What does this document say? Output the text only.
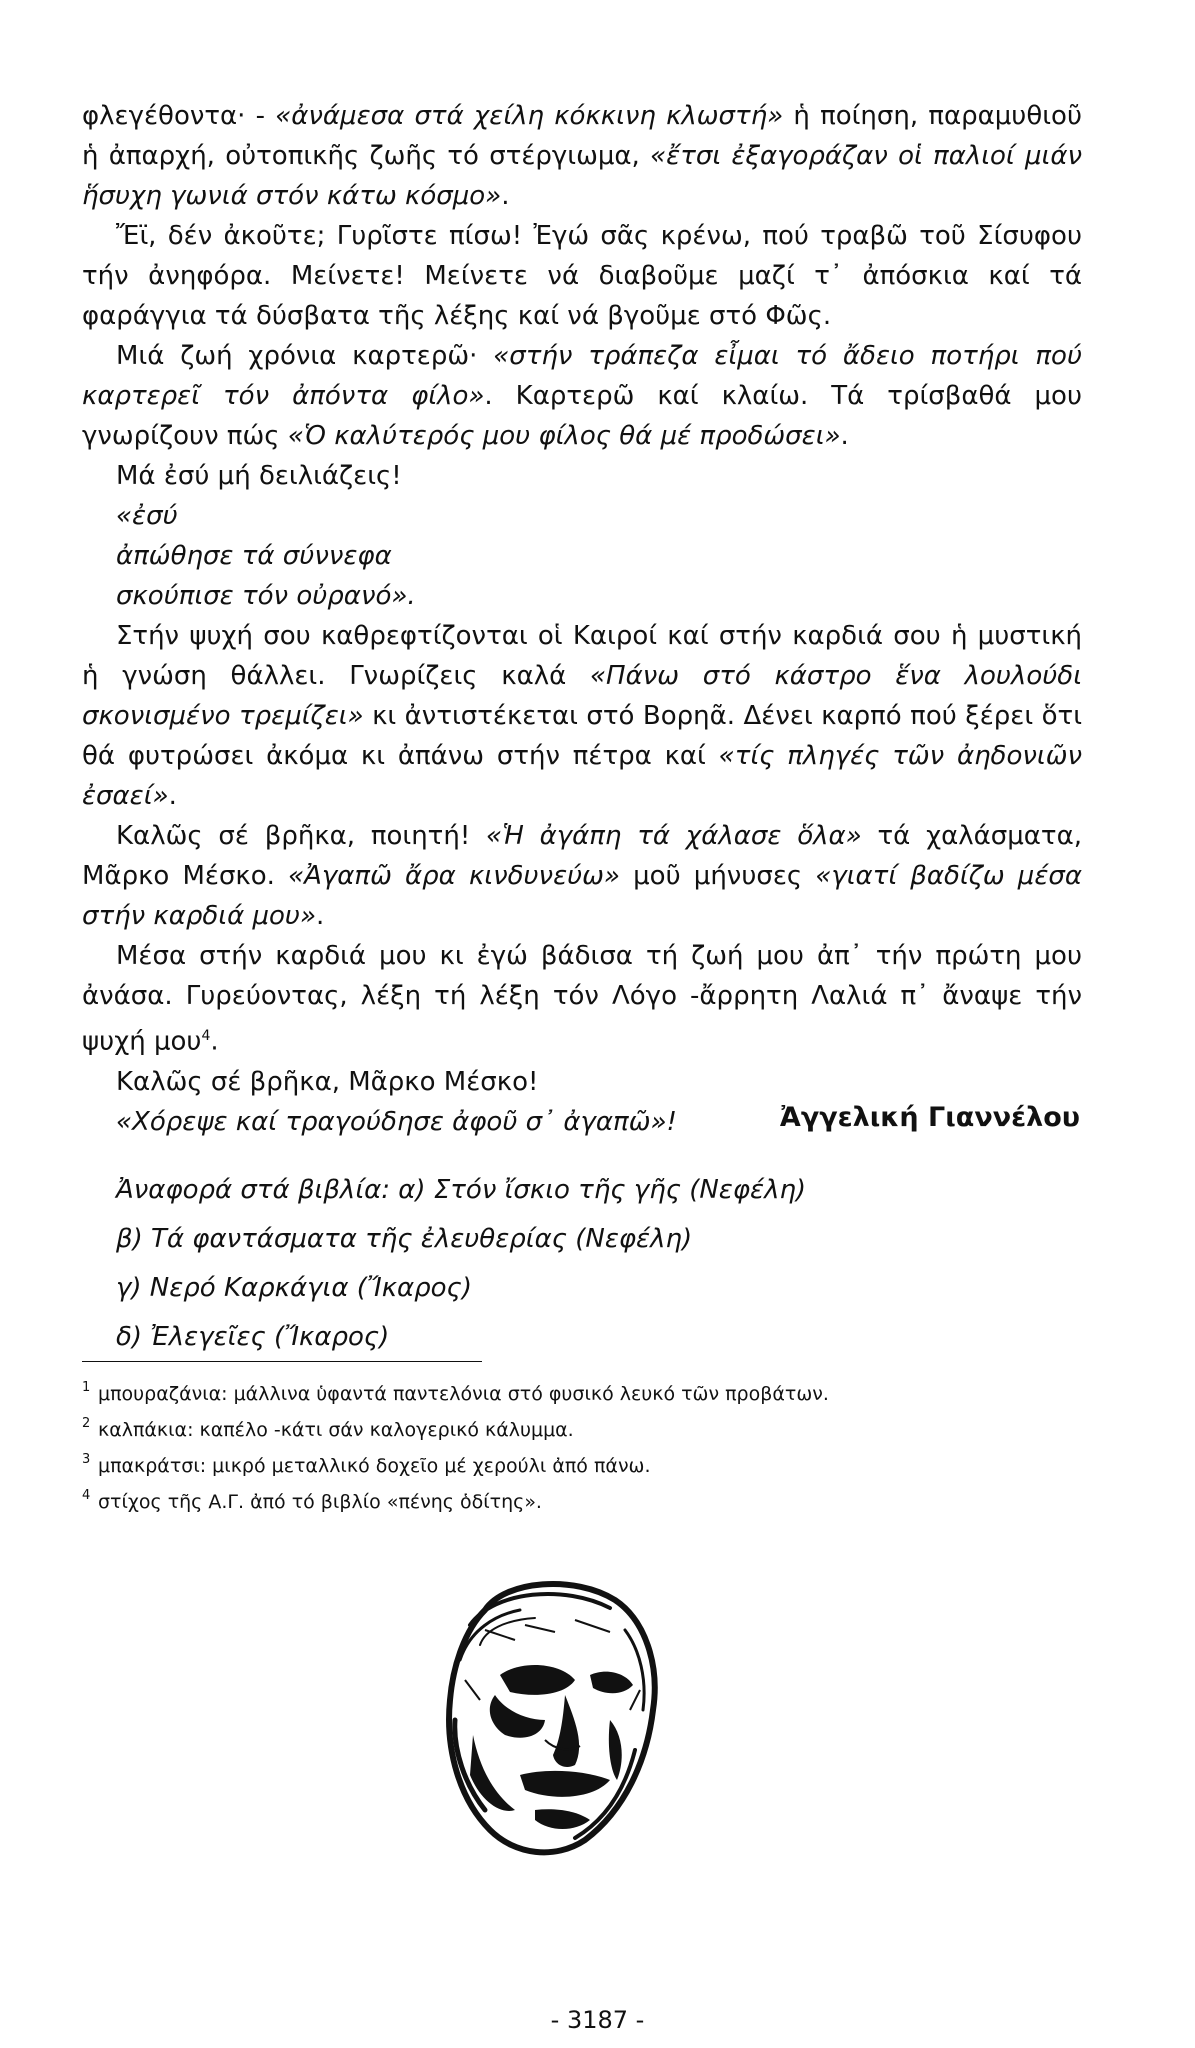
φλεγέθοντα· - «ἀνάμεσα στά χείλη κόκκινη κλωστή» ἡ ποίηση, παραμυθιοῦ ἡ ἀπαρχή, οὐτοπικῆς ζωῆς τό στέργιωμα, «ἔτσι ἐξαγοράζαν οἱ παλιοί μιάν ἥσυχη γωνιά στόν κάτω κόσμο».

Ἔϊ, δέν ἀκοῦτε; Γυρῖστε πίσω! Ἐγώ σᾶς κρένω, πού τραβῶ τοῦ Σίσυφου τήν ἀνηφόρα. Μείνετε! Μείνετε νά διαβοῦμε μαζί τ᾽ ἀπόσκια καί τά φαράγγια τά δύσβατα τῆς λέξης καί νά βγοῦμε στό Φῶς.

Μιά ζωή χρόνια καρτερῶ· «στήν τράπεζα εἶμαι τό ἄδειο ποτήρι πού καρτερεῖ τόν ἀπόντα φίλο». Καρτερῶ καί κλαίω. Τά τρίσβαθά μου γνωρίζουν πώς «Ὁ καλύτερός μου φίλος θά μέ προδώσει».

Μά ἐσύ μή δειλιάζεις!

«ἐσύ

ἀπώθησε τά σύννεφα

σκούπισε τόν οὐρανό».

Στήν ψυχή σου καθρεφτίζονται οἱ Καιροί καί στήν καρδιά σου ἡ μυστική ἡ γνώση θάλλει. Γνωρίζεις καλά «Πάνω στό κάστρο ἕνα λουλούδι σκονισμένο τρεμίζει» κι ἀντιστέκεται στό Βορηᾶ. Δένει καρπό πού ξέρει ὅτι θά φυτρώσει ἀκόμα κι ἀπάνω στήν πέτρα καί «τίς πληγές τῶν ἀηδονιῶν ἐσαεί».

Καλῶς σέ βρῆκα, ποιητή! «Ἡ ἀγάπη τά χάλασε ὅλα» τά χαλάσματα, Μᾶρκο Μέσκο. «Ἀγαπῶ ἄρα κινδυνεύω» μοῦ μήνυσες «γιατί βαδίζω μέσα στήν καρδιά μου».

Μέσα στήν καρδιά μου κι ἐγώ βάδισα τή ζωή μου ἀπ᾽ τήν πρώτη μου ἀνάσα. Γυρεύοντας, λέξη τή λέξη τόν Λόγο -ἄρρητη Λαλιά π᾽ ἄναψε τήν ψυχή μου$^4$.

Καλῶς σέ βρῆκα, Μᾶρκο Μέσκο!

«Χόρεψε καί τραγούδησε ἀφοῦ σ᾽ ἀγαπῶ»!	Ἀγγελική Γιαννέλου
Ἀναφορά στά βιβλία: α) Στόν ἴσκιο τῆς γῆς (Νεφέλη)
β) Τά φαντάσματα τῆς ἐλευθερίας (Νεφέλη)
γ) Νερό Καρκάγια (Ἴκαρος)
δ) Ἐλεγεῖες (Ἴκαρος)
1 μπουραζάνια: μάλλινα ὑφαντά παντελόνια στό φυσικό λευκό τῶν προβάτων.
2 καλπάκια: καπέλο -κάτι σάν καλογερικό κάλυμμα.
3 μπακράτσι: μικρό μεταλλικό δοχεῖο μέ χερούλι ἀπό πάνω.
4 στίχος τῆς Α.Γ. ἀπό τό βιβλίο «πένης ὁδίτης».
- 3187 -
